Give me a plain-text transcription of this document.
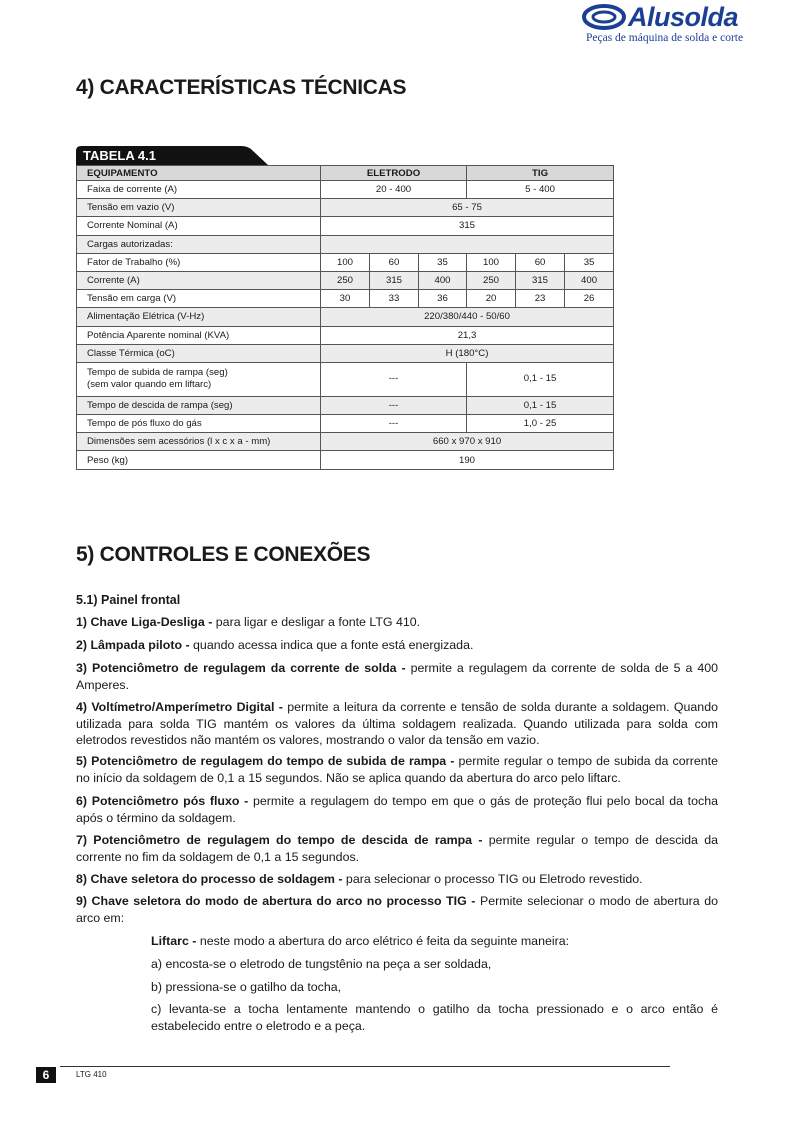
Alusolda
Peças de máquina de solda e corte
4) CARACTERÍSTICAS TÉCNICAS
TABELA 4.1
EQUIPAMENTO	ELETRODO			TIG		
Faixa de corrente (A)	20 - 400			5 - 400		
Tensão em vazio (V)	65 - 75					
Corrente Nominal (A)	315					
Cargas autorizadas:						
Fator de Trabalho (%)	100	60	35	100	60	35
Corrente (A)	250	315	400	250	315	400
Tensão em carga (V)	30	33	36	20	23	26
Alimentação Elétrica (V-Hz)	220/380/440 - 50/60					
Potência Aparente nominal (KVA)	21,3					
Classe Térmica (oC)	H (180°C)					
Tempo de subida de rampa (seg)
(sem valor quando em liftarc)	---			0,1 - 15		
Tempo de descida de rampa (seg)	---			0,1 - 15		
Tempo de pós fluxo do gás	---			1,0 - 25		
Dimensões sem acessórios (l x c x a - mm)	660 x 970 x 910					
Peso (kg)	190					
5) CONTROLES E CONEXÕES
5.1) Painel frontal

1) Chave Liga-Desliga - para ligar e desligar a fonte LTG 410.

2) Lâmpada piloto - quando acessa indica que a fonte está energizada.

3) Potenciômetro de regulagem da corrente de solda - permite a regulagem da corrente de solda de 5 a 400 Amperes.

4) Voltímetro/Amperímetro Digital - permite a leitura da corrente e tensão de solda durante a soldagem. Quando utilizada para solda TIG mantém os valores da última soldagem realizada. Quando utilizada para solda com eletrodos revestidos não mantém os valores, mostrando o valor da tensão em vazio.

5) Potenciômetro de regulagem do tempo de subida de rampa - permite regular o tempo de subida da corrente no início da soldagem de 0,1 a 15 segundos. Não se aplica quando da abertura do arco pelo liftarc.

6) Potenciômetro pós fluxo - permite a regulagem do tempo em que o gás de proteção flui pelo bocal da tocha após o término da soldagem.

7) Potenciômetro de regulagem do tempo de descida de rampa - permite regular o tempo de descida da corrente no fim da soldagem de 0,1 a 15 segundos.

8) Chave seletora do processo de soldagem - para selecionar o processo TIG ou Eletrodo revestido.

9) Chave seletora do modo de abertura do arco no processo TIG - Permite selecionar o modo de abertura do arco em:

Liftarc - neste modo a abertura do arco elétrico é feita da seguinte maneira:

a) encosta-se o eletrodo de tungstênio na peça a ser soldada,

b) pressiona-se o gatilho da tocha,

c) levanta-se a tocha lentamente mantendo o gatilho da tocha pressionado e o arco então é estabelecido entre o eletrodo e a peça.

6	LTG 410
